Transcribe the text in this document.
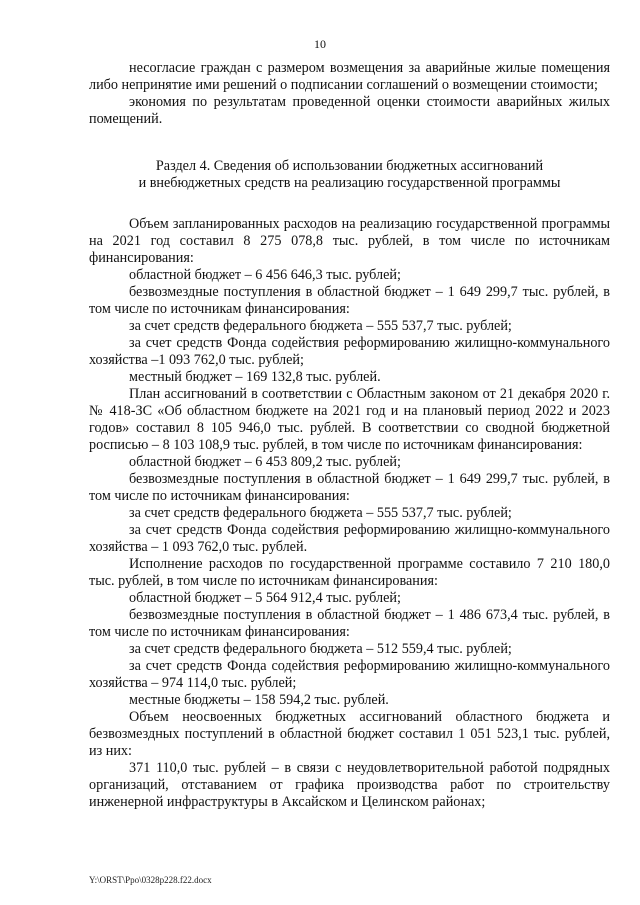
10

несогласие граждан с размером возмещения за аварийные жилые помещения либо непринятие ими решений о подписании соглашений о возмещении стоимости;

экономия по результатам проведенной оценки стоимости аварийных жилых помещений.

Раздел 4. Сведения об использовании бюджетных ассигнований
и внебюджетных средств на реализацию государственной программы

Объем запланированных расходов на реализацию государственной программы на 2021 год составил 8 275 078,8 тыс. рублей, в том числе по источникам финансирования:

областной бюджет – 6 456 646,3 тыс. рублей;

безвозмездные поступления в областной бюджет – 1 649 299,7 тыс. рублей, в том числе по источникам финансирования:

за счет средств федерального бюджета – 555 537,7 тыс. рублей;

за счет средств Фонда содействия реформированию жилищно-коммунального хозяйства –1 093 762,0 тыс. рублей;

местный бюджет – 169 132,8 тыс. рублей.

План ассигнований в соответствии с Областным законом от 21 декабря 2020 г. № 418-ЗС «Об областном бюджете на 2021 год и на плановый период 2022 и 2023 годов» составил 8 105 946,0 тыс. рублей. В соответствии со сводной бюджетной росписью – 8 103 108,9 тыс. рублей, в том числе по источникам финансирования:

областной бюджет – 6 453 809,2 тыс. рублей;

безвозмездные поступления в областной бюджет – 1 649 299,7 тыс. рублей, в том числе по источникам финансирования:

за счет средств федерального бюджета – 555 537,7 тыс. рублей;

за счет средств Фонда содействия реформированию жилищно-коммунального хозяйства – 1 093 762,0 тыс. рублей.

Исполнение расходов по государственной программе составило 7 210 180,0 тыс. рублей, в том числе по источникам финансирования:

областной бюджет – 5 564 912,4 тыс. рублей;

безвозмездные поступления в областной бюджет – 1 486 673,4 тыс. рублей, в том числе по источникам финансирования:

за счет средств федерального бюджета – 512 559,4 тыс. рублей;

за счет средств Фонда содействия реформированию жилищно-коммунального хозяйства – 974 114,0 тыс. рублей;

местные бюджеты – 158 594,2 тыс. рублей.

Объем неосвоенных бюджетных ассигнований областного бюджета и безвозмездных поступлений в областной бюджет составил 1 051 523,1 тыс. рублей, из них:

371 110,0 тыс. рублей – в связи с неудовлетворительной работой подрядных организаций, отставанием от графика производства работ по строительству инженерной инфраструктуры в Аксайском и Целинском районах;

Y:\ORST\Ppo\0328p228.f22.docx
